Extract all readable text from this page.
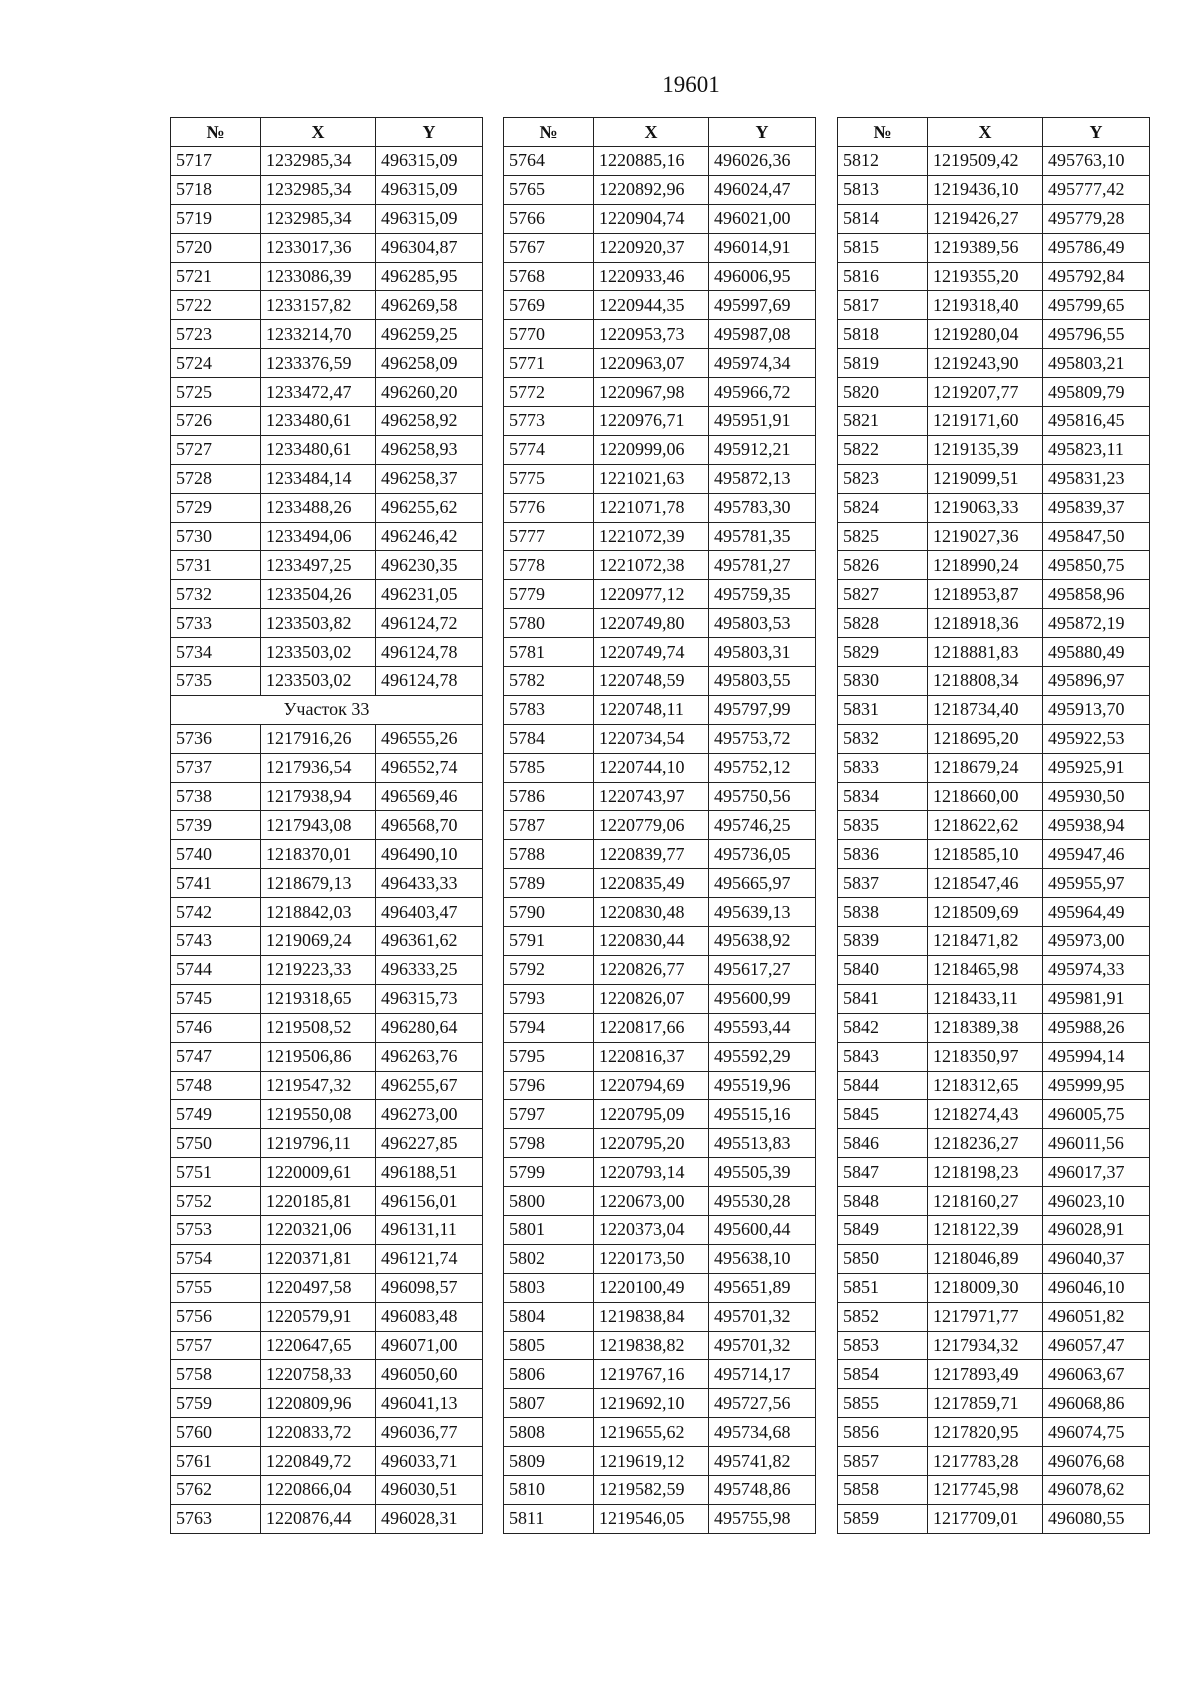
19601
№	X	Y
5717	1232985,34	496315,09
5718	1232985,34	496315,09
5719	1232985,34	496315,09
5720	1233017,36	496304,87
5721	1233086,39	496285,95
5722	1233157,82	496269,58
5723	1233214,70	496259,25
5724	1233376,59	496258,09
5725	1233472,47	496260,20
5726	1233480,61	496258,92
5727	1233480,61	496258,93
5728	1233484,14	496258,37
5729	1233488,26	496255,62
5730	1233494,06	496246,42
5731	1233497,25	496230,35
5732	1233504,26	496231,05
5733	1233503,82	496124,72
5734	1233503,02	496124,78
5735	1233503,02	496124,78
Участок 33		
5736	1217916,26	496555,26
5737	1217936,54	496552,74
5738	1217938,94	496569,46
5739	1217943,08	496568,70
5740	1218370,01	496490,10
5741	1218679,13	496433,33
5742	1218842,03	496403,47
5743	1219069,24	496361,62
5744	1219223,33	496333,25
5745	1219318,65	496315,73
5746	1219508,52	496280,64
5747	1219506,86	496263,76
5748	1219547,32	496255,67
5749	1219550,08	496273,00
5750	1219796,11	496227,85
5751	1220009,61	496188,51
5752	1220185,81	496156,01
5753	1220321,06	496131,11
5754	1220371,81	496121,74
5755	1220497,58	496098,57
5756	1220579,91	496083,48
5757	1220647,65	496071,00
5758	1220758,33	496050,60
5759	1220809,96	496041,13
5760	1220833,72	496036,77
5761	1220849,72	496033,71
5762	1220866,04	496030,51
5763	1220876,44	496028,31
№	X	Y
5764	1220885,16	496026,36
5765	1220892,96	496024,47
5766	1220904,74	496021,00
5767	1220920,37	496014,91
5768	1220933,46	496006,95
5769	1220944,35	495997,69
5770	1220953,73	495987,08
5771	1220963,07	495974,34
5772	1220967,98	495966,72
5773	1220976,71	495951,91
5774	1220999,06	495912,21
5775	1221021,63	495872,13
5776	1221071,78	495783,30
5777	1221072,39	495781,35
5778	1221072,38	495781,27
5779	1220977,12	495759,35
5780	1220749,80	495803,53
5781	1220749,74	495803,31
5782	1220748,59	495803,55
5783	1220748,11	495797,99
5784	1220734,54	495753,72
5785	1220744,10	495752,12
5786	1220743,97	495750,56
5787	1220779,06	495746,25
5788	1220839,77	495736,05
5789	1220835,49	495665,97
5790	1220830,48	495639,13
5791	1220830,44	495638,92
5792	1220826,77	495617,27
5793	1220826,07	495600,99
5794	1220817,66	495593,44
5795	1220816,37	495592,29
5796	1220794,69	495519,96
5797	1220795,09	495515,16
5798	1220795,20	495513,83
5799	1220793,14	495505,39
5800	1220673,00	495530,28
5801	1220373,04	495600,44
5802	1220173,50	495638,10
5803	1220100,49	495651,89
5804	1219838,84	495701,32
5805	1219838,82	495701,32
5806	1219767,16	495714,17
5807	1219692,10	495727,56
5808	1219655,62	495734,68
5809	1219619,12	495741,82
5810	1219582,59	495748,86
5811	1219546,05	495755,98
№	X	Y
5812	1219509,42	495763,10
5813	1219436,10	495777,42
5814	1219426,27	495779,28
5815	1219389,56	495786,49
5816	1219355,20	495792,84
5817	1219318,40	495799,65
5818	1219280,04	495796,55
5819	1219243,90	495803,21
5820	1219207,77	495809,79
5821	1219171,60	495816,45
5822	1219135,39	495823,11
5823	1219099,51	495831,23
5824	1219063,33	495839,37
5825	1219027,36	495847,50
5826	1218990,24	495850,75
5827	1218953,87	495858,96
5828	1218918,36	495872,19
5829	1218881,83	495880,49
5830	1218808,34	495896,97
5831	1218734,40	495913,70
5832	1218695,20	495922,53
5833	1218679,24	495925,91
5834	1218660,00	495930,50
5835	1218622,62	495938,94
5836	1218585,10	495947,46
5837	1218547,46	495955,97
5838	1218509,69	495964,49
5839	1218471,82	495973,00
5840	1218465,98	495974,33
5841	1218433,11	495981,91
5842	1218389,38	495988,26
5843	1218350,97	495994,14
5844	1218312,65	495999,95
5845	1218274,43	496005,75
5846	1218236,27	496011,56
5847	1218198,23	496017,37
5848	1218160,27	496023,10
5849	1218122,39	496028,91
5850	1218046,89	496040,37
5851	1218009,30	496046,10
5852	1217971,77	496051,82
5853	1217934,32	496057,47
5854	1217893,49	496063,67
5855	1217859,71	496068,86
5856	1217820,95	496074,75
5857	1217783,28	496076,68
5858	1217745,98	496078,62
5859	1217709,01	496080,55
